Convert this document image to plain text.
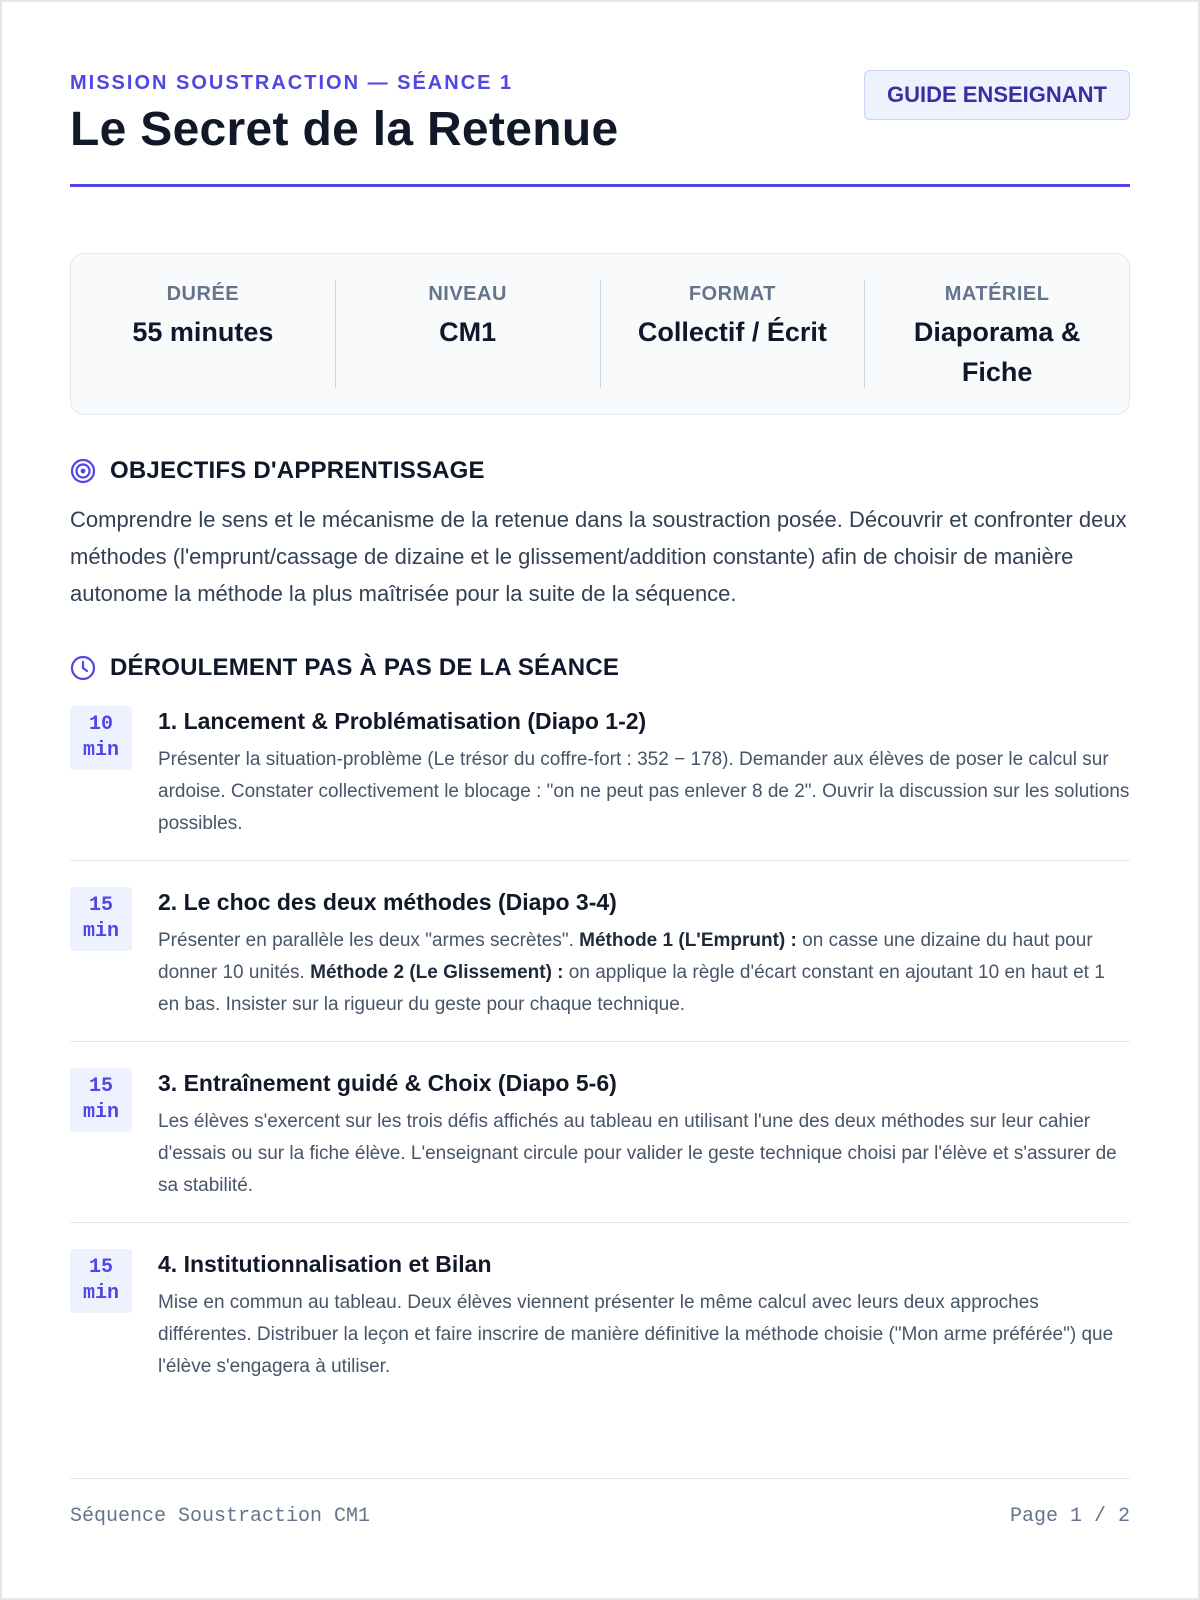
MISSION SOUSTRACTION — SÉANCE 1
Le Secret de la Retenue
GUIDE ENSEIGNANT
DURÉE
55 minutes
NIVEAU
CM1
FORMAT
Collectif / Écrit
MATÉRIEL
Diaporama & Fiche
OBJECTIFS D'APPRENTISSAGE
Comprendre le sens et le mécanisme de la retenue dans la soustraction posée. Découvrir et confronter deux méthodes (l'emprunt/cassage de dizaine et le glissement/addition constante) afin de choisir de manière autonome la méthode la plus maîtrisée pour la suite de la séquence.
DÉROULEMENT PAS À PAS DE LA SÉANCE
10
min
1. Lancement & Problématisation (Diapo 1-2)
Présenter la situation-problème (Le trésor du coffre-fort : 352 − 178). Demander aux élèves de poser le calcul sur ardoise. Constater collectivement le blocage : "on ne peut pas enlever 8 de 2". Ouvrir la discussion sur les solutions possibles.
15
min
2. Le choc des deux méthodes (Diapo 3-4)
Présenter en parallèle les deux "armes secrètes". Méthode 1 (L'Emprunt) : on casse une dizaine du haut pour donner 10 unités. Méthode 2 (Le Glissement) : on applique la règle d'écart constant en ajoutant 10 en haut et 1 en bas. Insister sur la rigueur du geste pour chaque technique.
15
min
3. Entraînement guidé & Choix (Diapo 5-6)
Les élèves s'exercent sur les trois défis affichés au tableau en utilisant l'une des deux méthodes sur leur cahier d'essais ou sur la fiche élève. L'enseignant circule pour valider le geste technique choisi par l'élève et s'assurer de sa stabilité.
15
min
4. Institutionnalisation et Bilan
Mise en commun au tableau. Deux élèves viennent présenter le même calcul avec leurs deux approches différentes. Distribuer la leçon et faire inscrire de manière définitive la méthode choisie ("Mon arme préférée") que l'élève s'engagera à utiliser.
Séquence Soustraction CM1	Page 1 / 2
